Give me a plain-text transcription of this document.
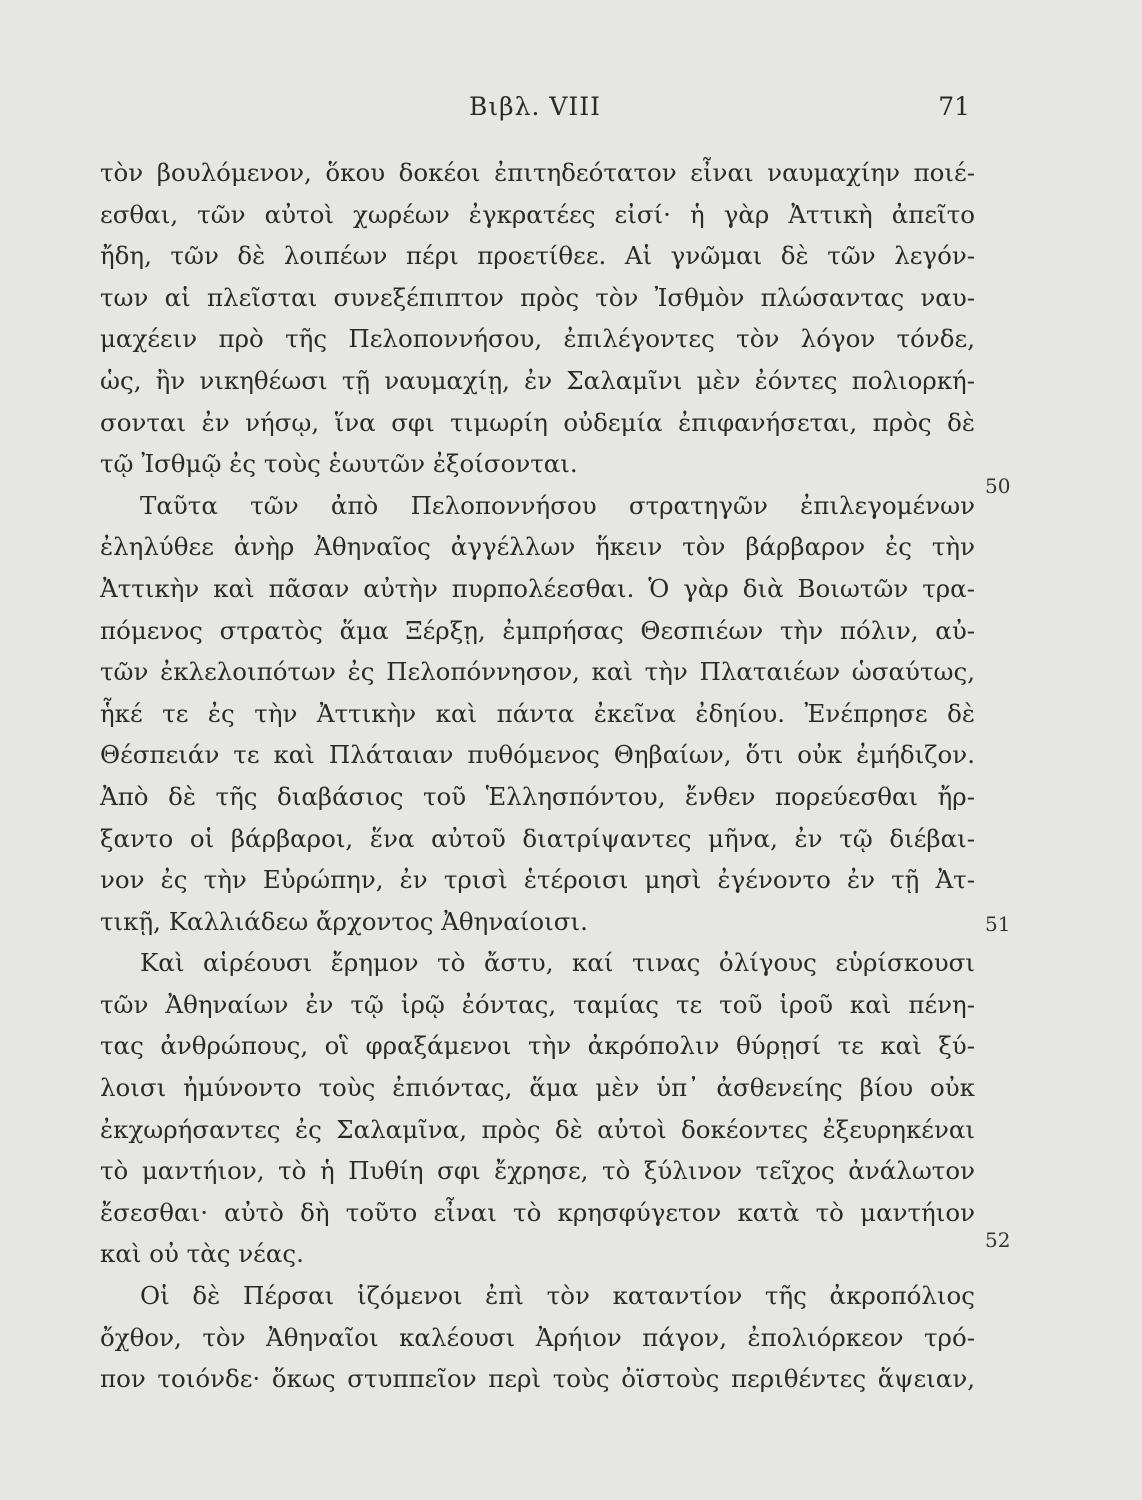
Βιβλ. VIII	71
τὸν βουλόμενον, ὅκου δοκέοι ἐπιτηδεότατον εἶναι ναυμαχίην ποιέ-
εσθαι, τῶν αὐτοὶ χωρέων ἐγκρατέες εἰσί· ἡ γὰρ Ἀττικὴ ἀπεῖτο
ἤδη, τῶν δὲ λοιπέων πέρι προετίθεε. Αἱ γνῶμαι δὲ τῶν λεγόν-
των αἱ πλεῖσται συνεξέπιπτον πρὸς τὸν Ἰσθμὸν πλώσαντας ναυ-
μαχέειν πρὸ τῆς Πελοποννήσου, ἐπιλέγοντες τὸν λόγον τόνδε,
ὡς, ἢν νικηθέωσι τῇ ναυμαχίῃ, ἐν Σαλαμῖνι μὲν ἐόντες πολιορκή-
σονται ἐν νήσῳ, ἵνα σφι τιμωρίη οὐδεμία ἐπιφανήσεται, πρὸς δὲ
τῷ Ἰσθμῷ ἐς τοὺς ἑωυτῶν ἐξοίσονται.
Ταῦτα τῶν ἀπὸ Πελοποννήσου στρατηγῶν ἐπιλεγομένων
ἐληλύθεε ἀνὴρ Ἀθηναῖος ἀγγέλλων ἥκειν τὸν βάρβαρον ἐς τὴν
Ἀττικὴν καὶ πᾶσαν αὐτὴν πυρπολέεσθαι. Ὁ γὰρ διὰ Βοιωτῶν τρα-
πόμενος στρατὸς ἅμα Ξέρξῃ, ἐμπρήσας Θεσπιέων τὴν πόλιν, αὐ-
τῶν ἐκλελοιπότων ἐς Πελοπόννησον, καὶ τὴν Πλαταιέων ὡσαύτως,
ἧκέ τε ἐς τὴν Ἀττικὴν καὶ πάντα ἐκεῖνα ἐδηίου. Ἐνέπρησε δὲ
Θέσπειάν τε καὶ Πλάταιαν πυθόμενος Θηβαίων, ὅτι οὐκ ἐμήδιζον.
Ἀπὸ δὲ τῆς διαβάσιος τοῦ Ἑλλησπόντου, ἔνθεν πορεύεσθαι ἤρ-
ξαντο οἱ βάρβαροι, ἕνα αὐτοῦ διατρίψαντες μῆνα, ἐν τῷ διέβαι-
νον ἐς τὴν Εὐρώπην, ἐν τρισὶ ἑτέροισι μησὶ ἐγένοντο ἐν τῇ Ἀτ-
τικῇ, Καλλιάδεω ἄρχοντος Ἀθηναίοισι.
Καὶ αἱρέουσι ἔρημον τὸ ἄστυ, καί τινας ὀλίγους εὑρίσκουσι
τῶν Ἀθηναίων ἐν τῷ ἱρῷ ἐόντας, ταμίας τε τοῦ ἱροῦ καὶ πένη-
τας ἀνθρώπους, οἳ φραξάμενοι τὴν ἀκρόπολιν θύρῃσί τε καὶ ξύ-
λοισι ἠμύνοντο τοὺς ἐπιόντας, ἅμα μὲν ὑπ᾽ ἀσθενείης βίου οὐκ
ἐκχωρήσαντες ἐς Σαλαμῖνα, πρὸς δὲ αὐτοὶ δοκέοντες ἐξευρηκέναι
τὸ μαντήιον, τὸ ἡ Πυθίη σφι ἔχρησε, τὸ ξύλινον τεῖχος ἀνάλωτον
ἔσεσθαι· αὐτὸ δὴ τοῦτο εἶναι τὸ κρησφύγετον κατὰ τὸ μαντήιον
καὶ οὐ τὰς νέας.
Οἱ δὲ Πέρσαι ἱζόμενοι ἐπὶ τὸν καταντίον τῆς ἀκροπόλιος
ὄχθον, τὸν Ἀθηναῖοι καλέουσι Ἀρήιον πάγον, ἐπολιόρκεον τρό-
πον τοιόνδε· ὅκως στυππεῖον περὶ τοὺς ὀϊστοὺς περιθέντες ἅψειαν,
50
51
52
